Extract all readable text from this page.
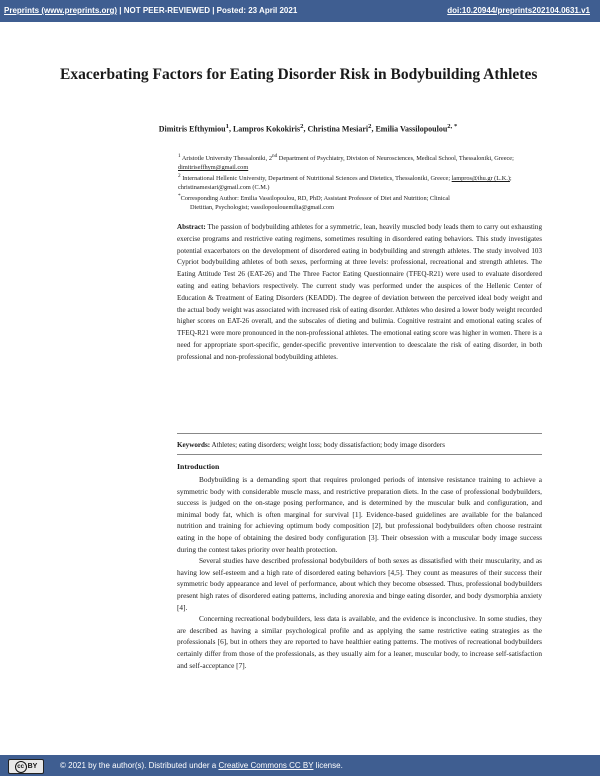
Preprints (www.preprints.org) | NOT PEER-REVIEWED | Posted: 23 April 2021	doi:10.20944/preprints202104.0631.v1
Exacerbating Factors for Eating Disorder Risk in Bodybuilding Athletes
Dimitris Efthymiou$^1$, Lampros Kokokiris$^2$, Christina Mesiari$^2$, Emilia Vassilopoulou$^{2, *}$

$^1$ Aristotle University Thessaloniki, 2nd Department of Psychiatry, Division of Neurosciences, Medical School, Thessaloniki, Greece; dimitriseffhym@gmail.com

$^2$ International Hellenic University, Department of Nutritional Sciences and Dietetics, Thessaloniki, Greece; lampros@ihu.gr (L.K.); christinamesiari@gmail.com (C.M.)

*Corresponding Author: Emilia Vassilopoulou, RD, PhD; Assistant Professor of Diet and Nutrition; Clinical

Dietitian, Psychologist; vassilopoulouemilia@gmail.com

Abstract: The passion of bodybuilding athletes for a symmetric, lean, heavily muscled body leads them to carry out exhausting exercise programs and restrictive eating regimens, sometimes resulting in disordered eating behaviors. This study investigates potential exacerbators on the development of disordered eating in bodybuilding and strength athletes. The study involved 103 Cypriot bodybuilding athletes of both sexes, performing at three levels: professional, recreational and strength athletes. The Eating Attitude Test 26 (EAT-26) and The Three Factor Eating Questionnaire (TFEQ-R21) were used to evaluate disordered eating and eating behaviors respectively. The current study was performed under the auspices of the Hellenic Center of Education & Treatment of Eating Disorders (KEADD). The degree of deviation between the perceived ideal body weight and the actual body weight was associated with increased risk of eating disorder. Athletes who desired a lower body weight recorded higher scores on EAT-26 overall, and the subscales of dieting and bulimia. Cognitive restraint and emotional eating scales of TFEQ-R21 were more pronounced in the non-professional athletes. The emotional eating score was higher in women. There is a need for appropriate sport-specific, gender-specific preventive intervention to deescalate the risk of eating disorder, in both professional and non-professional bodybuilding athletes.

Keywords: Athletes; eating disorders; weight loss; body dissatisfaction; body image disorders

Introduction

Bodybuilding is a demanding sport that requires prolonged periods of intensive resistance training to achieve a symmetric body with considerable muscle mass, and restrictive preparation diets. In the case of professional bodybuilders, success is judged on the on-stage posing performance, and is determined by the muscular bulk and configuration, and minimal body fat, which is often marginal for survival [1]. Evidence-based guidelines are available for the balanced nutrition and training for achieving optimum body composition [2], but professional bodybuilders often choose restraint eating in the hope of obtaining the desired body configuration [3]. Their obsession with a muscular body image success during the contest takes priority over health protection.

Several studies have described professional bodybuilders of both sexes as dissatisfied with their muscularity, and as having low self-esteem and a high rate of disordered eating behaviors [4,5]. They count as measures of their success their symmetric body appearance and level of performance, about which they become obsessed. Thus, professional bodybuilders present high rates of disordered eating patterns, including anorexia and binge eating disorder, and body dysmorphia anxiety [4].

Concerning recreational bodybuilders, less data is available, and the evidence is inconclusive. In some studies, they are described as having a similar psychological profile and as applying the same restrictive eating strategies as the professionals [6], but in others they are reported to have healthier eating patterns. The motives of recreational bodybuilders certainly differ from those of the professionals, as they usually aim for a leaner, muscular body, to increase self-satisfaction and self-acceptance [7].

cc BY	© 2021 by the author(s). Distributed under a Creative Commons CC BY license.
